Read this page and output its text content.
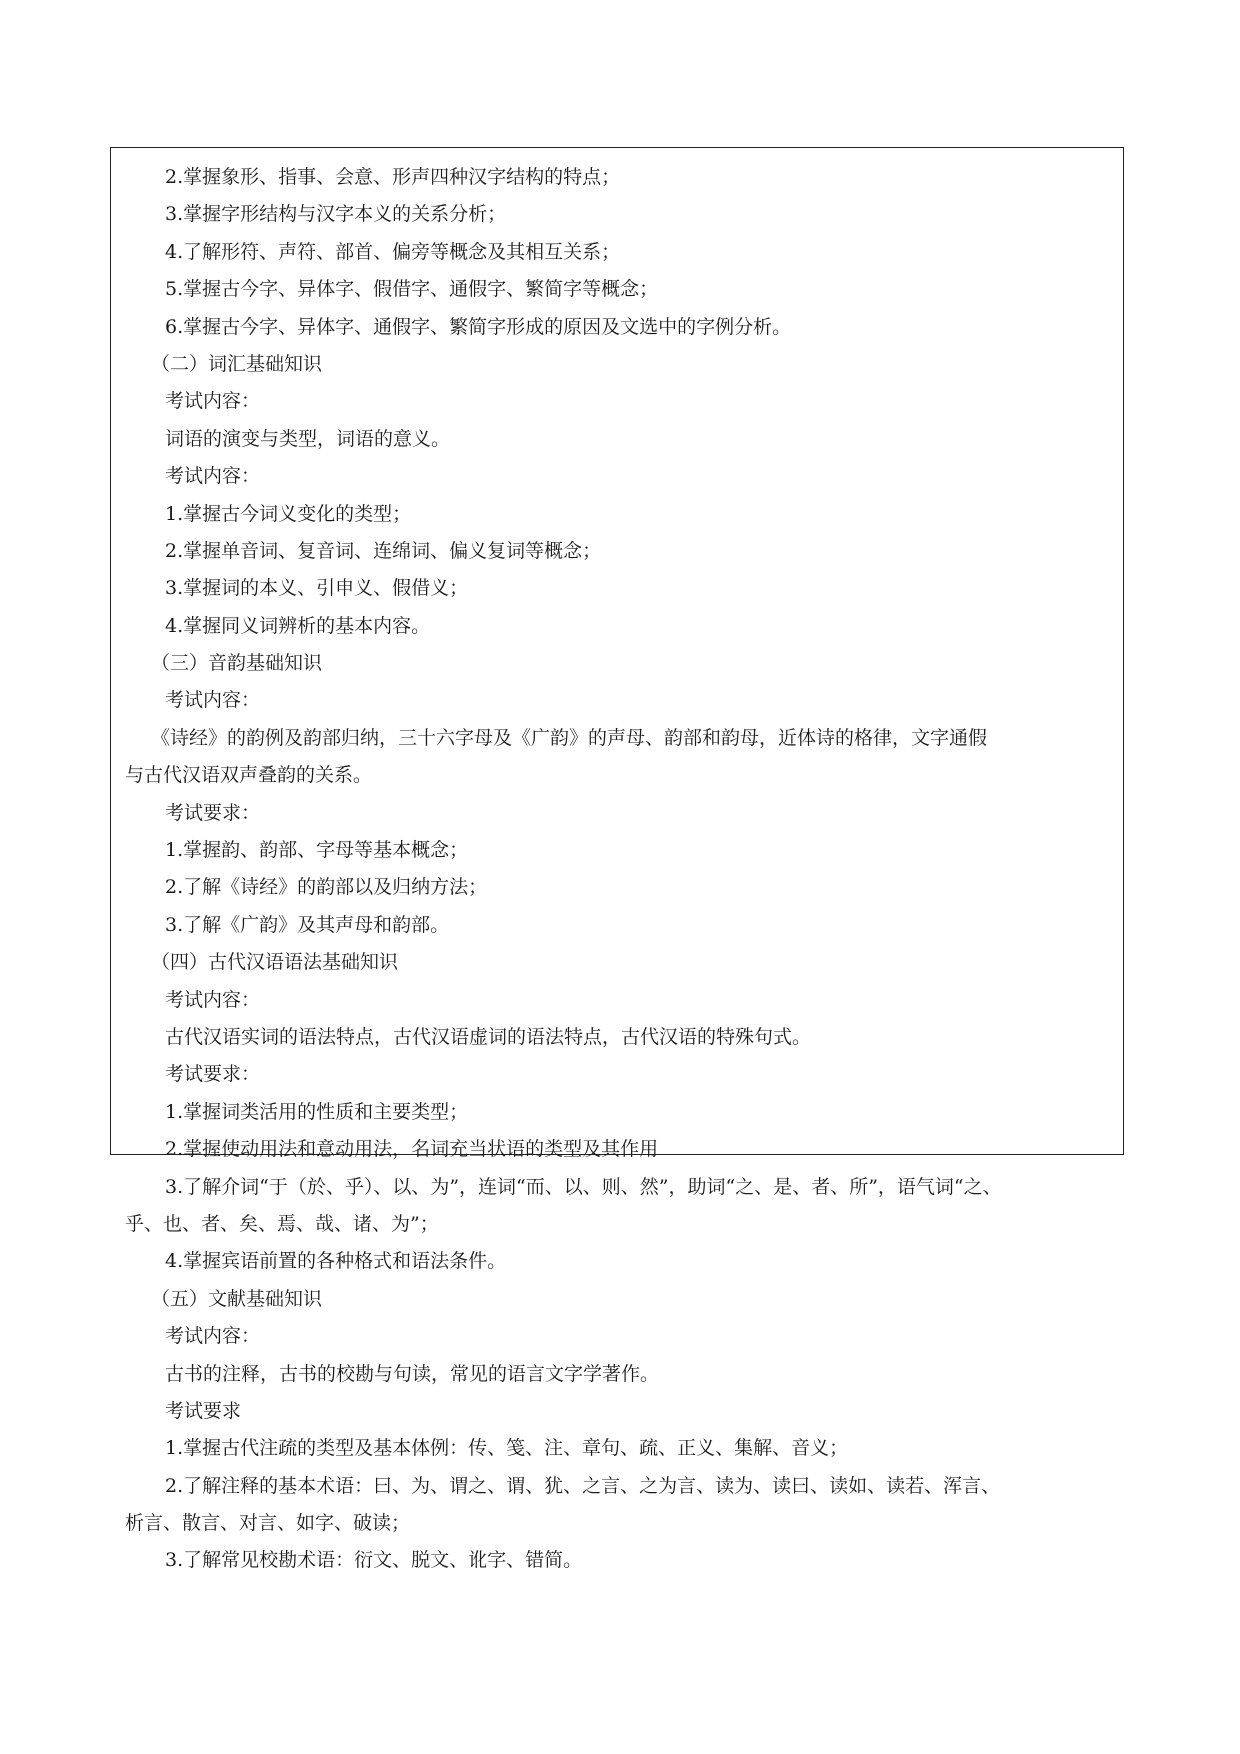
2.掌握象形、指事、会意、形声四种汉字结构的特点；
3.掌握字形结构与汉字本义的关系分析；
4.了解形符、声符、部首、偏旁等概念及其相互关系；
5.掌握古今字、异体字、假借字、通假字、繁简字等概念；
6.掌握古今字、异体字、通假字、繁简字形成的原因及文选中的字例分析。
（二）词汇基础知识
考试内容：
词语的演变与类型，词语的意义。
考试内容：
1.掌握古今词义变化的类型；
2.掌握单音词、复音词、连绵词、偏义复词等概念；
3.掌握词的本义、引申义、假借义；
4.掌握同义词辨析的基本内容。
（三）音韵基础知识
考试内容：
《诗经》的韵例及韵部归纳，三十六字母及《广韵》的声母、韵部和韵母，近体诗的格律，文字通假
与古代汉语双声叠韵的关系。
考试要求：
1.掌握韵、韵部、字母等基本概念；
2.了解《诗经》的韵部以及归纳方法；
3.了解《广韵》及其声母和韵部。
（四）古代汉语语法基础知识
考试内容：
古代汉语实词的语法特点，古代汉语虚词的语法特点，古代汉语的特殊句式。
考试要求：
1.掌握词类活用的性质和主要类型；
2.掌握使动用法和意动用法，名词充当状语的类型及其作用
3.了解介词“于（於、乎）、以、为”，连词“而、以、则、然”，助词“之、是、者、所”，语气词“之、
乎、也、者、矣、焉、哉、诸、为”；
4.掌握宾语前置的各种格式和语法条件。
（五）文献基础知识
考试内容：
古书的注释，古书的校勘与句读，常见的语言文字学著作。
考试要求
1.掌握古代注疏的类型及基本体例：传、笺、注、章句、疏、正义、集解、音义；
2.了解注释的基本术语：曰、为、谓之、谓、犹、之言、之为言、读为、读曰、读如、读若、浑言、
析言、散言、对言、如字、破读；
3.了解常见校勘术语：衍文、脱文、讹字、错简。
